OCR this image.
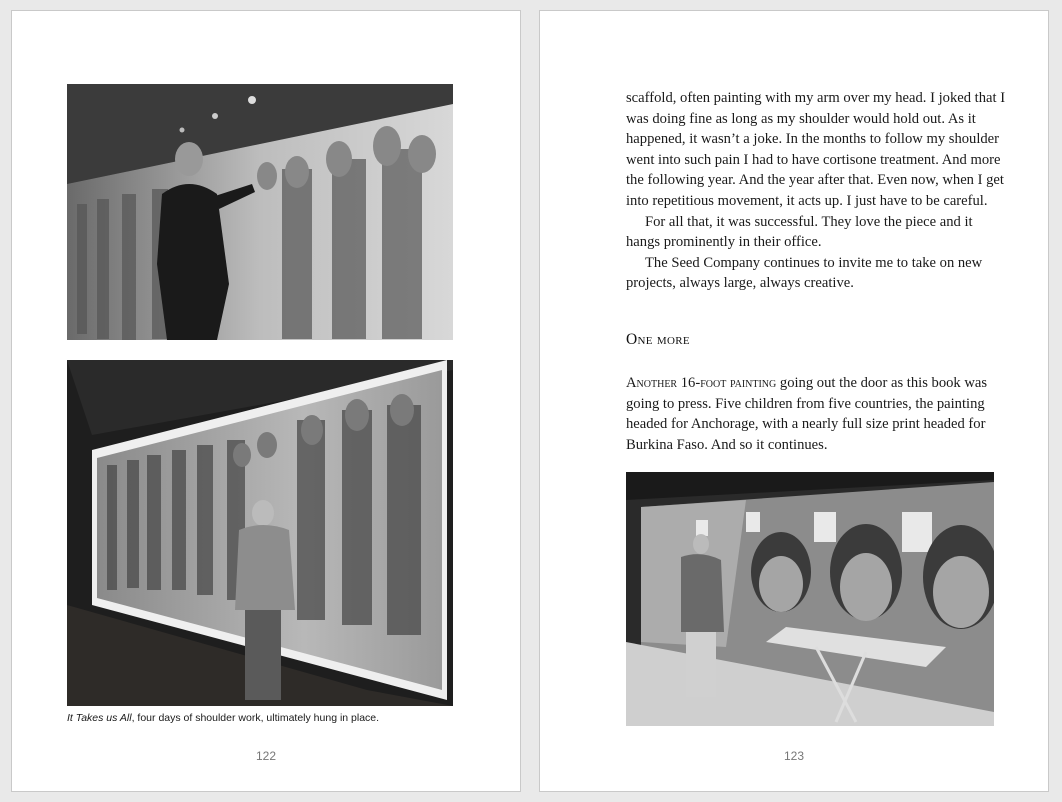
It Takes us All, four days of shoulder work, ultimately hung in place.
122

scaffold, often painting with my arm over my head. I joked that I was doing fine as long as my shoulder would hold out. As it happened, it wasn’t a joke. In the months to follow my shoulder went into such pain I had to have cortisone treatment. And more the following year. And the year after that. Even now, when I get into repetitious movement, it acts up. I just have to be careful.

For all that, it was successful. They love the piece and it hangs prominently in their office.

The Seed Company continues to invite me to take on new projects, always large, always creative.

One more

Another 16-foot painting going out the door as this book was going to press. Five children from five countries, the painting headed for Anchorage, with a nearly full size print headed for Burkina Faso. And so it continues.

123
